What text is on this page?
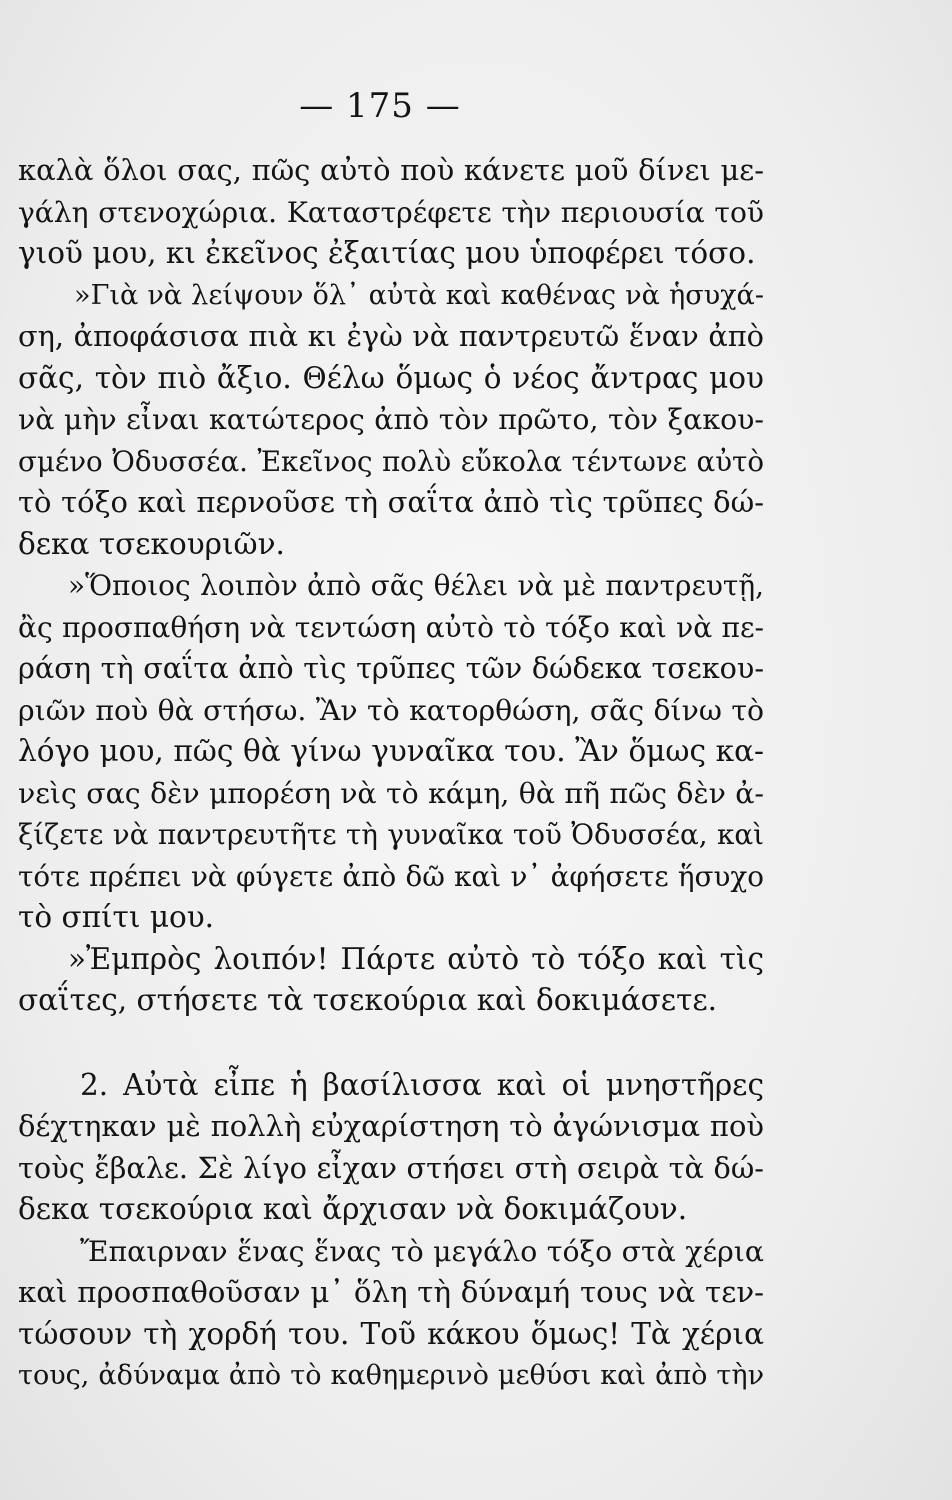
— 175 —
καλὰ ὅλοι σας, πῶς αὐτὸ ποὺ κάνετε μοῦ δίνει με-
γάλη στενοχώρια. Καταστρέφετε τὴν περιουσία τοῦ
γιοῦ μου, κι ἐκεῖνος ἐξαιτίας μου ὑποφέρει τόσο.
»Γιὰ νὰ λείψουν ὅλ᾽ αὐτὰ καὶ καθένας νὰ ἡσυχά-
ση, ἀποφάσισα πιὰ κι ἐγὼ νὰ παντρευτῶ ἕναν ἀπὸ
σᾶς, τὸν πιὸ ἄξιο. Θέλω ὅμως ὁ νέος ἄντρας μου
νὰ μὴν εἶναι κατώτερος ἀπὸ τὸν πρῶτο, τὸν ξακου-
σμένο Ὀδυσσέα. Ἐκεῖνος πολὺ εὔκολα τέντωνε αὐτὸ
τὸ τόξο καὶ περνοῦσε τὴ σαΐτα ἀπὸ τὶς τρῦπες δώ-
δεκα τσεκουριῶν.
»Ὅποιος λοιπὸν ἀπὸ σᾶς θέλει νὰ μὲ παντρευτῇ,
ἂς προσπαθήση νὰ τεντώση αὐτὸ τὸ τόξο καὶ νὰ πε-
ράση τὴ σαΐτα ἀπὸ τὶς τρῦπες τῶν δώδεκα τσεκου-
ριῶν ποὺ θὰ στήσω. Ἂν τὸ κατορθώση, σᾶς δίνω τὸ
λόγο μου, πῶς θὰ γίνω γυναῖκα του. Ἂν ὅμως κα-
νεὶς σας δὲν μπορέση νὰ τὸ κάμη, θὰ πῆ πῶς δὲν ἀ-
ξίζετε νὰ παντρευτῆτε τὴ γυναῖκα τοῦ Ὀδυσσέα, καὶ
τότε πρέπει νὰ φύγετε ἀπὸ δῶ καὶ ν᾽ ἀφήσετε ἥσυχο
τὸ σπίτι μου.
»Ἐμπρὸς λοιπόν! Πάρτε αὐτὸ τὸ τόξο καὶ τὶς
σαΐτες, στήσετε τὰ τσεκούρια καὶ δοκιμάσετε.
2. Αὐτὰ εἶπε ἡ βασίλισσα καὶ οἱ μνηστῆρες
δέχτηκαν μὲ πολλὴ εὐχαρίστηση τὸ ἀγώνισμα ποὺ
τοὺς ἔβαλε. Σὲ λίγο εἶχαν στήσει στὴ σειρὰ τὰ δώ-
δεκα τσεκούρια καὶ ἄρχισαν νὰ δοκιμάζουν.
Ἔπαιρναν ἕνας ἕνας τὸ μεγάλο τόξο στὰ χέρια
καὶ προσπαθοῦσαν μ᾽ ὅλη τὴ δύναμή τους νὰ τεν-
τώσουν τὴ χορδή του. Τοῦ κάκου ὅμως! Τὰ χέρια
τους, ἀδύναμα ἀπὸ τὸ καθημερινὸ μεθύσι καὶ ἀπὸ τὴν
